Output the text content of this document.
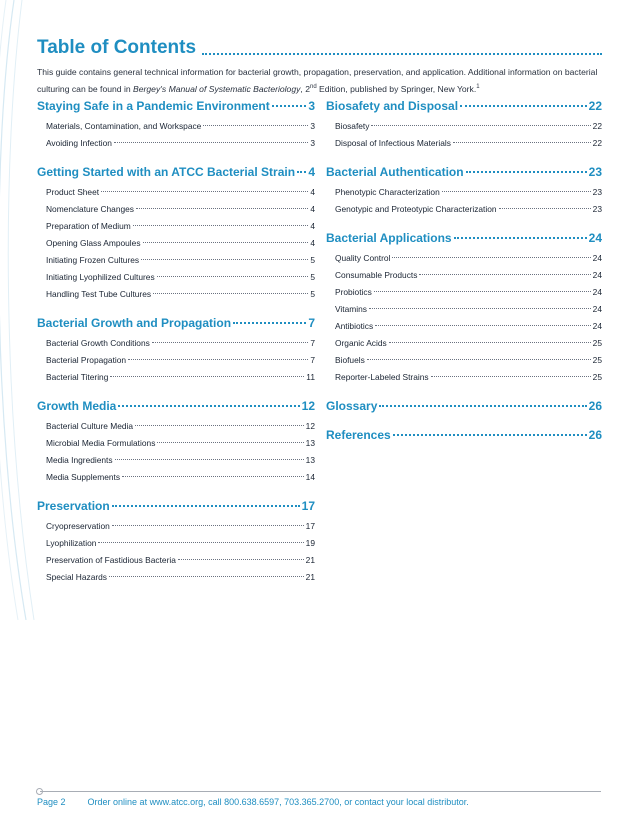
Table of Contents
This guide contains general technical information for bacterial growth, propagation, preservation, and application. Additional information on bacterial culturing can be found in Bergey's Manual of Systematic Bacteriology, 2nd Edition, published by Springer, New York.$^1$
Staying Safe in a Pandemic Environment	3
Materials, Contamination, and Workspace	3
Avoiding Infection	3
Getting Started with an ATCC Bacterial Strain 4
Product Sheet	4
Nomenclature Changes	4
Preparation of Medium	4
Opening Glass Ampoules	4
Initiating Frozen Cultures	5
Initiating Lyophilized Cultures	5
Handling Test Tube Cultures	5
Bacterial Growth and Propagation	7
Bacterial Growth Conditions	7
Bacterial Propagation	7
Bacterial Titering	11
Growth Media	12
Bacterial Culture Media	12
Microbial Media Formulations	13
Media Ingredients	13
Media Supplements	14
Preservation	17
Cryopreservation	17
Lyophilization	19
Preservation of Fastidious Bacteria	21
Special Hazards	21
Biosafety and Disposal	22
Biosafety	22
Disposal of Infectious Materials	22
Bacterial Authentication	23
Phenotypic Characterization	23
Genotypic and Proteotypic Characterization	23
Bacterial Applications	24
Quality Control	24
Consumable Products	24
Probiotics	24
Vitamins	24
Antibiotics	24
Organic Acids	25
Biofuels	25
Reporter-Labeled Strains	25
Glossary	26
References	26
Page 2 Order online at www.atcc.org, call 800.638.6597, 703.365.2700, or contact your local distributor.
